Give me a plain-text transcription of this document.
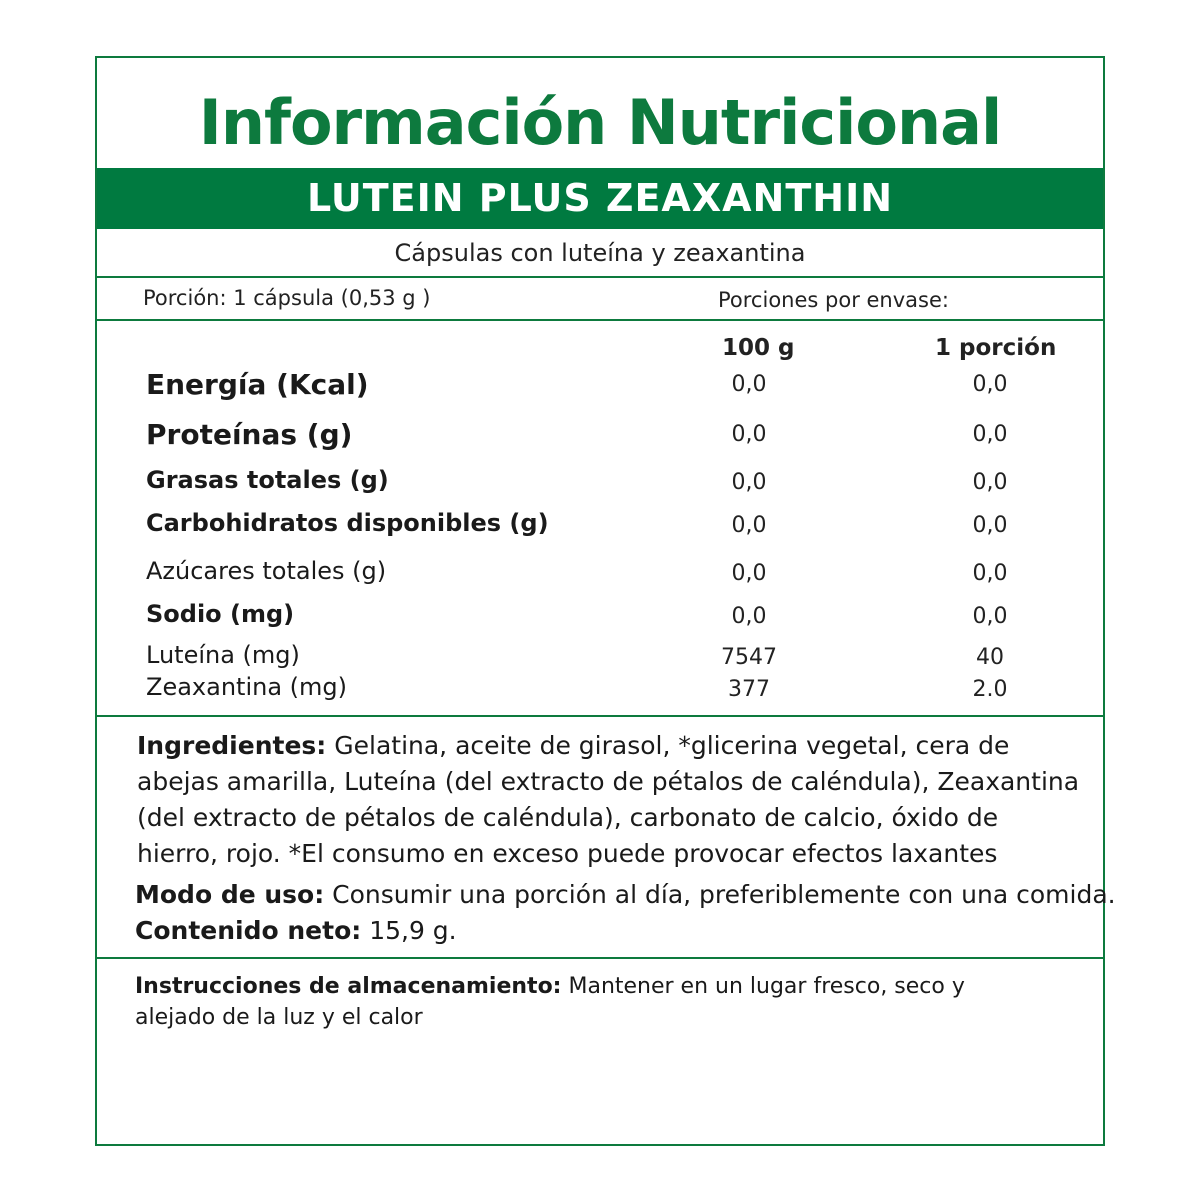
Información Nutricional
LUTEIN PLUS ZEAXANTHIN
Cápsulas con luteína y zeaxantina
Porción: 1 cápsula (0,53 g )	Porciones por envase:
100 g	1 porción
Energía (Kcal)	0,0	0,0
Proteínas (g)	0,0	0,0
Grasas totales (g)	0,0	0,0
Carbohidratos disponibles (g)	0,0	0,0
Azúcares totales (g)	0,0	0,0
Sodio (mg)	0,0	0,0
Luteína (mg)	7547	40
Zeaxantina (mg)	377	2.0
Ingredientes: Gelatina, aceite de girasol, *glicerina vegetal, cera de abejas amarilla, Luteína (del extracto de pétalos de caléndula), Zeaxantina (del extracto de pétalos de caléndula), carbonato de calcio, óxido de hierro, rojo. *El consumo en exceso puede provocar efectos laxantes
Modo de uso: Consumir una porción al día, preferiblemente con una comida.
Contenido neto: 15,9 g.
Instrucciones de almacenamiento: Mantener en un lugar fresco, seco y alejado de la luz y el calor
